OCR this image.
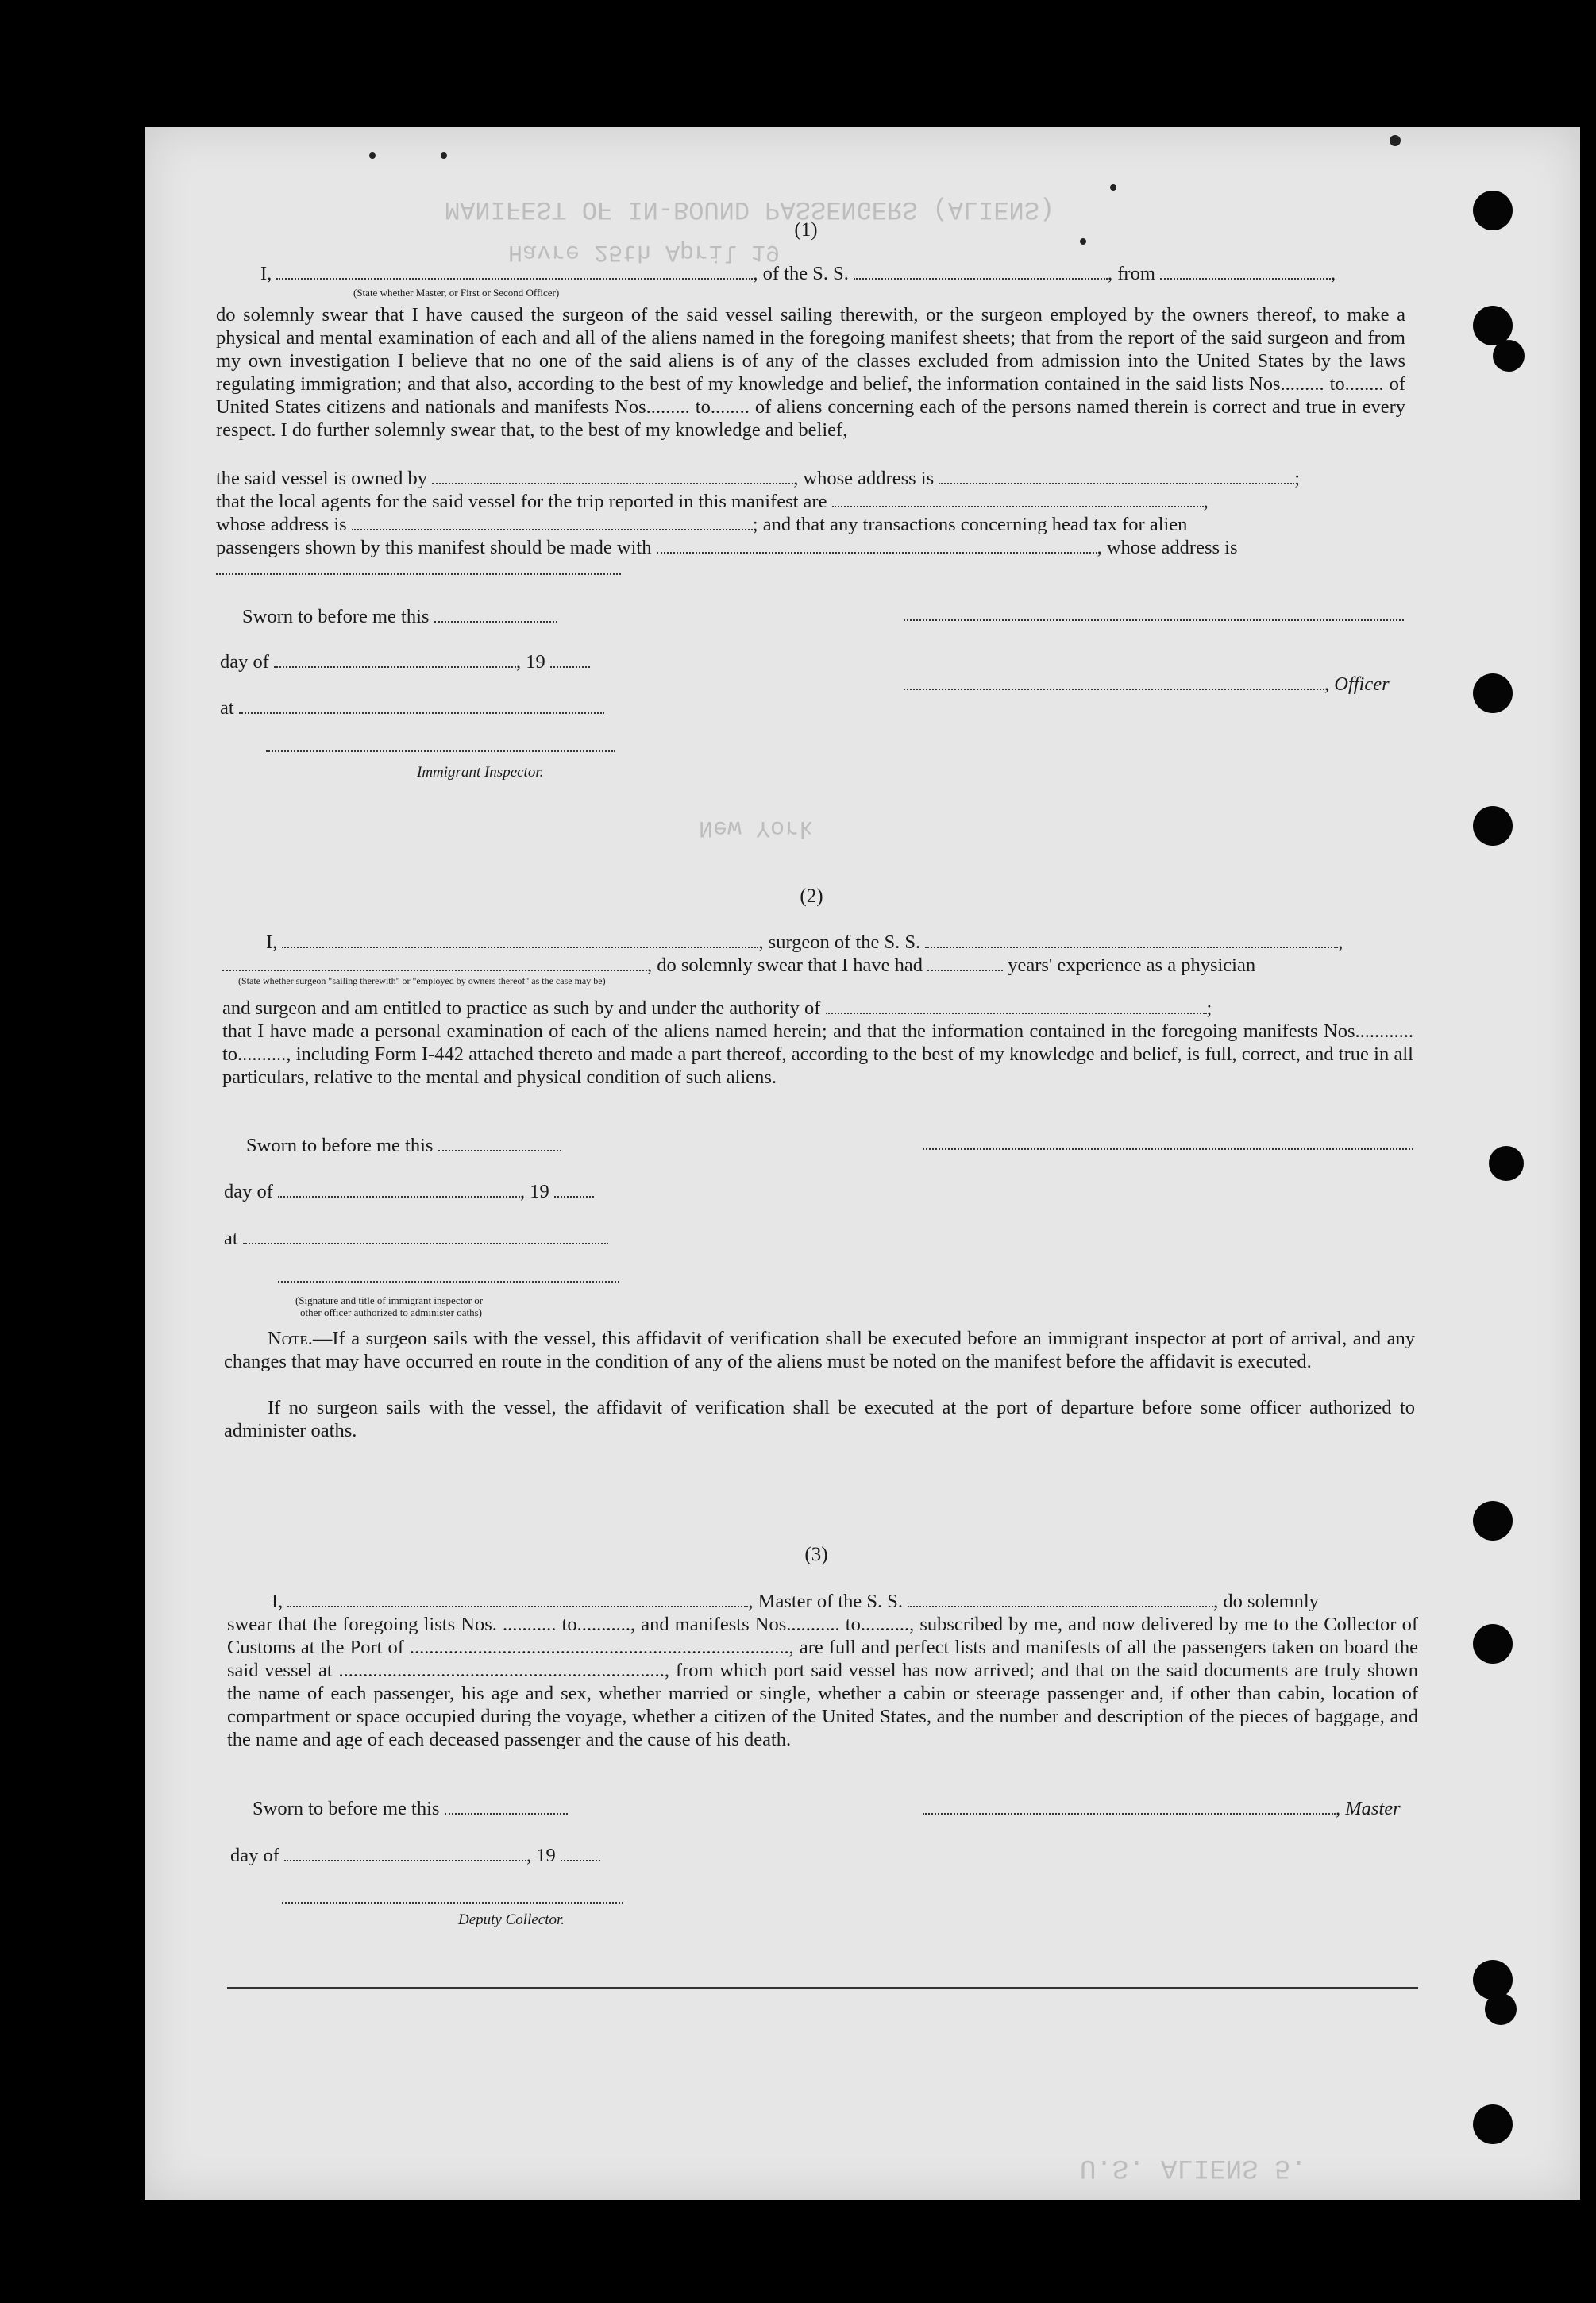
MANIFEST OF IN-BOUND PASSENGERS (ALIENS)
Havre 25th April 19
U.S. ALIENS 5.
New York
(1)
I,	, of the S. S.	, from	,
(State whether Master, or First or Second Officer)
do solemnly swear that I have caused the surgeon of the said vessel sailing therewith, or the surgeon employed by the owners thereof, to make a physical and mental examination of each and all of the aliens named in the foregoing manifest sheets; that from the report of the said surgeon and from my own investigation I believe that no one of the said aliens is of any of the classes excluded from admission into the United States by the laws regulating immigration; and that also, according to the best of my knowledge and belief, the information contained in the said lists Nos......... to........ of United States citizens and nationals and manifests Nos......... to........ of aliens concerning each of the persons named therein is correct and true in every respect. I do further solemnly swear that, to the best of my knowledge and belief,
the said vessel is owned by	, whose address is	;
that the local agents for the said vessel for the trip reported in this manifest are	,
whose address is	; and that any transactions concerning head tax for alien
passengers shown by this manifest should be made with	, whose address is
Sworn to before me this
day of	, 19
, Officer
at
Immigrant Inspector.
(2)
I,	, surgeon of the S. S.	,
, do solemnly swear that I have had	years' experience as a physician
(State whether surgeon "sailing therewith" or "employed by owners thereof" as the case may be)
and surgeon and am entitled to practice as such by and under the authority of	;
that I have made a personal examination of each of the aliens named herein; and that the information contained in the foregoing manifests Nos............ to.........., including Form I-442 attached thereto and made a part thereof, according to the best of my knowledge and belief, is full, correct, and true in all particulars, relative to the mental and physical condition of such aliens.
Sworn to before me this
day of	, 19
at
(Signature and title of immigrant inspector or
other officer authorized to administer oaths)
Note.—If a surgeon sails with the vessel, this affidavit of verification shall be executed before an immigrant inspector at port of arrival, and any changes that may have occurred en route in the condition of any of the aliens must be noted on the manifest before the affidavit is executed.
If no surgeon sails with the vessel, the affidavit of verification shall be executed at the port of departure before some officer authorized to administer oaths.
(3)
I,	, Master of the S. S.	, do solemnly
swear that the foregoing lists Nos. ........... to..........., and manifests Nos........... to.........., subscribed by me, and now delivered by me to the Collector of Customs at the Port of .............................................................................., are full and perfect lists and manifests of all the passengers taken on board the said vessel at ..................................................................., from which port said vessel has now arrived; and that on the said documents are truly shown the name of each passenger, his age and sex, whether married or single, whether a cabin or steerage passenger and, if other than cabin, location of compartment or space occupied during the voyage, whether a citizen of the United States, and the number and description of the pieces of baggage, and the name and age of each deceased passenger and the cause of his death.
Sworn to before me this	, Master
day of	, 19
Deputy Collector.
